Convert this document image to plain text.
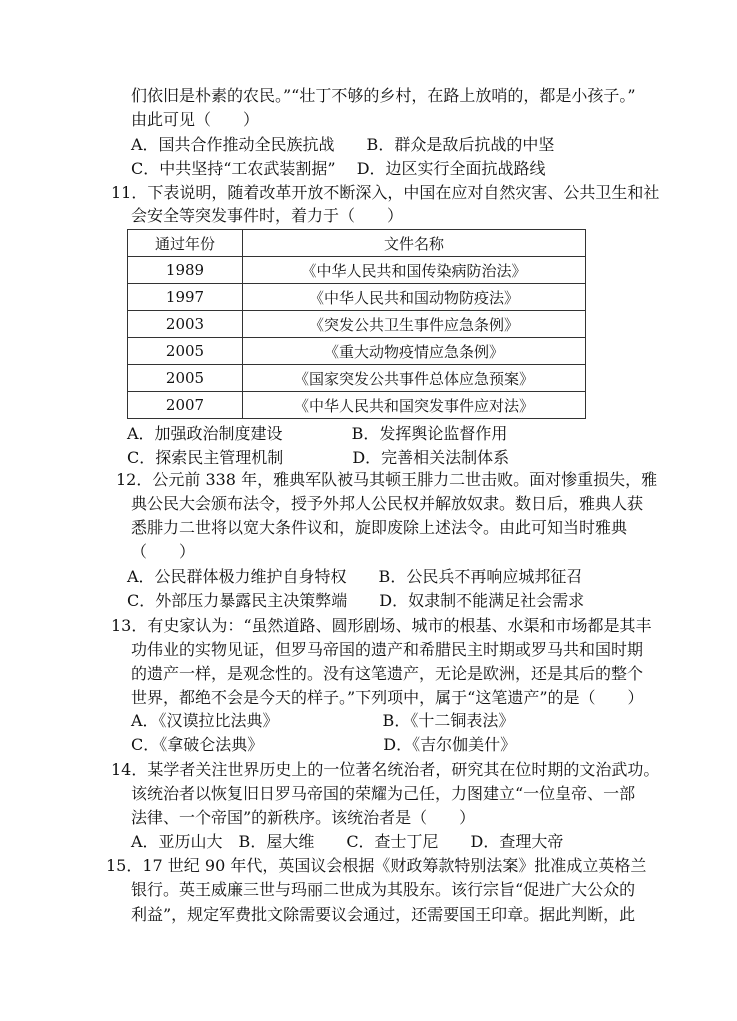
们依旧是朴素的农民。”“壮丁不够的乡村，在路上放哨的，都是小孩子。”
由此可见（　　）
A．国共合作推动全民族抗战　　B．群众是敌后抗战的中坚
C．中共坚持“工农武装割据”　 D．边区实行全面抗战路线
11．下表说明，随着改革开放不断深入，中国在应对自然灾害、公共卫生和社
会安全等突发事件时，着力于（　　）
通过年份	文件名称
1989	《中华人民共和国传染病防治法》
1997	《中华人民共和国动物防疫法》
2003	《突发公共卫生事件应急条例》
2005	《重大动物疫情应急条例》
2005	《国家突发公共事件总体应急预案》
2007	《中华人民共和国突发事件应对法》
A．加强政治制度建设　　　　 B．发挥舆论监督作用
C．探索民主管理机制　　　　 D．完善相关法制体系
12．公元前 338 年，雅典军队被马其顿王腓力二世击败。面对惨重损失，雅
典公民大会颁布法令，授予外邦人公民权并解放奴隶。数日后，雅典人获
悉腓力二世将以宽大条件议和，旋即废除上述法令。由此可知当时雅典
（　　）
A．公民群体极力维护自身特权　　B．公民兵不再响应城邦征召
C．外部压力暴露民主决策弊端　　D．奴隶制不能满足社会需求
13．有史家认为：“虽然道路、圆形剧场、城市的根基、水渠和市场都是其丰
功伟业的实物见证，但罗马帝国的遗产和希腊民主时期或罗马共和国时期
的遗产一样，是观念性的。没有这笔遗产，无论是欧洲，还是其后的整个
世界，都绝不会是今天的样子。”下列项中，属于“这笔遗产”的是（　　）
A．《汉谟拉比法典》　　　　　　　B．《十二铜表法》
C．《拿破仑法典》　　　　　　　　D．《吉尔伽美什》
14．某学者关注世界历史上的一位著名统治者，研究其在位时期的文治武功。
该统治者以恢复旧日罗马帝国的荣耀为己任，力图建立“一位皇帝、一部
法律、一个帝国”的新秩序。该统治者是（　　）
A．亚历山大　B．屋大维　　C．查士丁尼　　D．查理大帝
15．17 世纪 90 年代，英国议会根据《财政筹款特别法案》批准成立英格兰
银行。英王威廉三世与玛丽二世成为其股东。该行宗旨“促进广大公众的
利益”，规定军费批文除需要议会通过，还需要国王印章。据此判断，此
